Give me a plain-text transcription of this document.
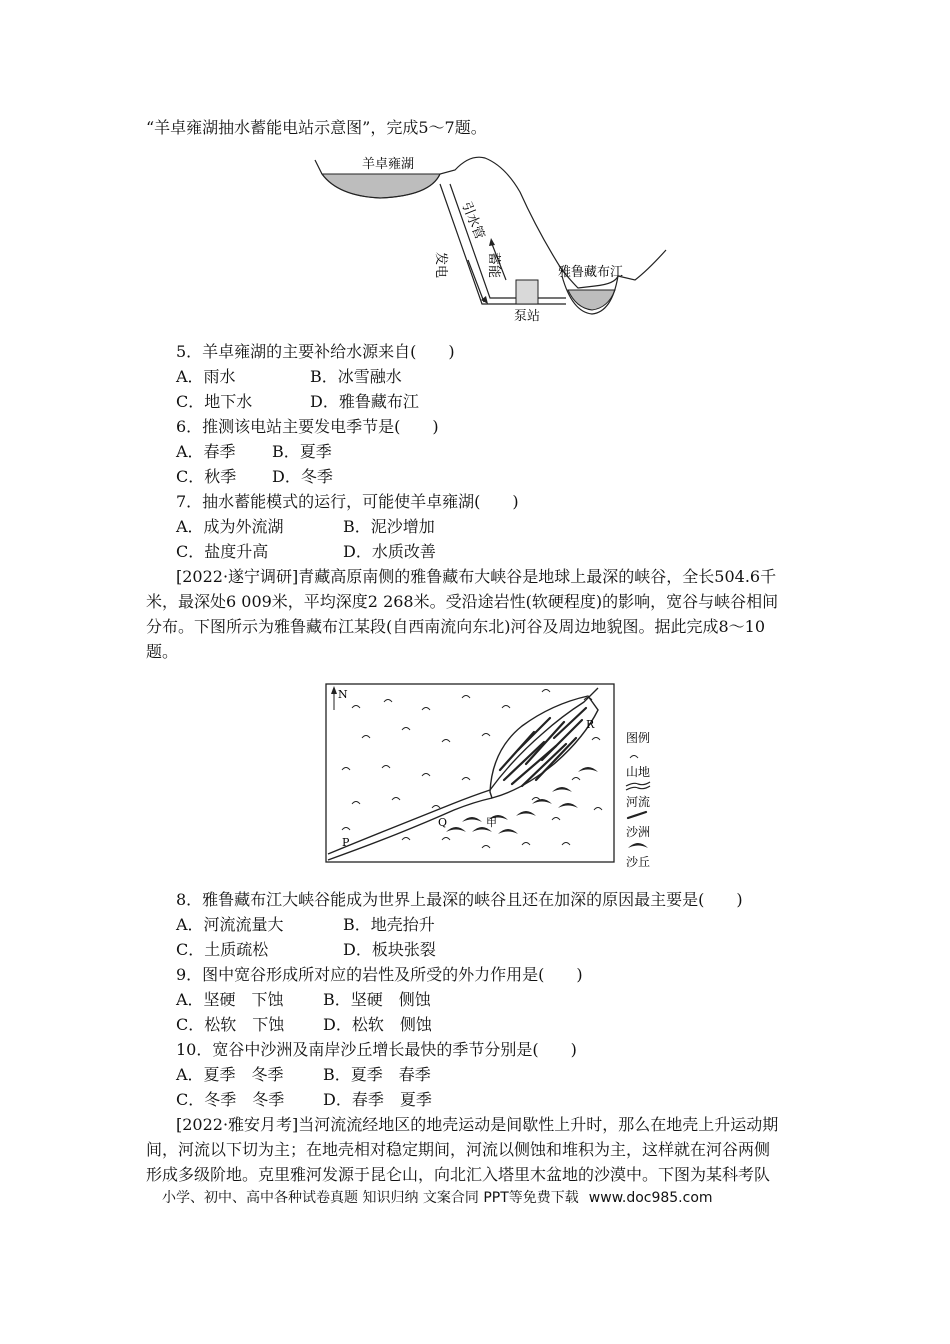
“羊卓雍湖抽水蓄能电站示意图”，完成5～7题。
羊卓雍湖
引水管
蓄能
发电	雅鲁藏布江
泵站
5．羊卓雍湖的主要补给水源来自(　　)
A．雨水	B．冰雪融水
C．地下水	D．雅鲁藏布江
6．推测该电站主要发电季节是(　　)
A．春季 B．夏季
C．秋季 D．冬季
7．抽水蓄能模式的运行，可能使羊卓雍湖(　　)
A．成为外流湖	B．泥沙增加
C．盐度升高	D．水质改善
[2022·遂宁调研]青藏高原南侧的雅鲁藏布大峡谷是地球上最深的峡谷，全长504.6千
米，最深处6 009米，平均深度2 268米。受沿途岩性(软硬程度)的影响，宽谷与峡谷相间
分布。下图所示为雅鲁藏布江某段(自西南流向东北)河谷及周边地貌图。据此完成8～10
题。
N
R
Q
P
甲
图例
山地
河流
沙洲
沙丘
8．雅鲁藏布江大峡谷能成为世界上最深的峡谷且还在加深的原因最主要是(　　)
A．河流流量大	B．地壳抬升
C．土质疏松	D．板块张裂
9．图中宽谷形成所对应的岩性及所受的外力作用是(　　)
A．坚硬　下蚀 B．坚硬　侧蚀
C．松软　下蚀 D．松软　侧蚀
10．宽谷中沙洲及南岸沙丘增长最快的季节分别是(　　)
A．夏季　冬季 B．夏季　春季
C．冬季　冬季 D．春季　夏季
[2022·雅安月考]当河流流经地区的地壳运动是间歇性上升时，那么在地壳上升运动期
间，河流以下切为主；在地壳相对稳定期间，河流以侧蚀和堆积为主，这样就在河谷两侧
形成多级阶地。克里雅河发源于昆仑山，向北汇入塔里木盆地的沙漠中。下图为某科考队
小学、初中、高中各种试卷真题 知识归纳 文案合同 PPT等免费下载 www.doc985.com
